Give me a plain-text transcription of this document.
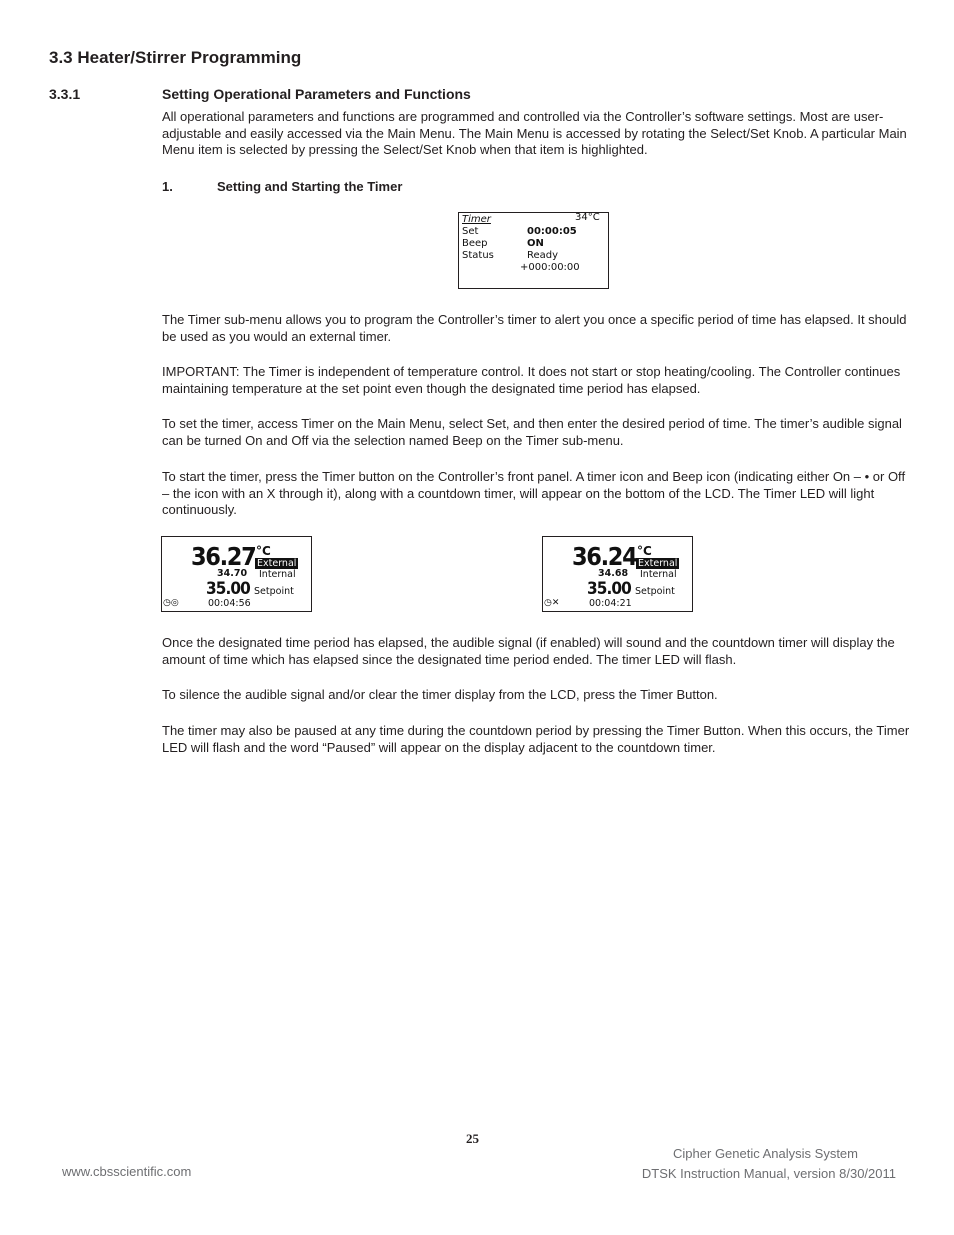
3.3 Heater/Stirrer Programming
3.3.1	Setting Operational Parameters and Functions

All operational parameters and functions are programmed and controlled via the Controller’s software settings. Most are user-adjustable and easily accessed via the Main Menu. The Main Menu is accessed by rotating the Select/Set Knob. A particular Main Menu item is selected by pressing the Select/Set Knob when that item is highlighted.

1.	Setting and Starting the Timer
Timer	34°C
Set	00:00:05
Beep	ON
Status	Ready
+000:00:00

The Timer sub-menu allows you to program the Controller’s timer to alert you once a specific period of time has elapsed. It should be used as you would an external timer.

IMPORTANT: The Timer is independent of temperature control. It does not start or stop heating/cooling. The Controller continues maintaining temperature at the set point even though the designated time period has elapsed.

To set the timer, access Timer on the Main Menu, select Set, and then enter the desired period of time. The timer’s audible signal can be turned On and Off via the selection named Beep on the Timer sub-menu.

To start the timer, press the Timer button on the Controller’s front panel. A timer icon and Beep icon (indicating either On – • or Off – the icon with an X through it), along with a countdown timer, will appear on the bottom of the LCD. The Timer LED will light continuously.

36.27 °C
External
34.70 Internal
35.00 Setpoint
◷◎	00:04:56
36.24 °C
External
34.68 Internal
35.00 Setpoint
◷✕	00:04:21

Once the designated time period has elapsed, the audible signal (if enabled) will sound and the countdown timer will display the amount of time which has elapsed since the designated time period ended. The timer LED will flash.

To silence the audible signal and/or clear the timer display from the LCD, press the Timer Button.

The timer may also be paused at any time during the countdown period by pressing the Timer Button. When this occurs, the Timer LED will flash and the word “Paused” will appear on the display adjacent to the countdown timer.

25
www.cbsscientific.com
Cipher Genetic Analysis System
DTSK Instruction Manual, version 8/30/2011
